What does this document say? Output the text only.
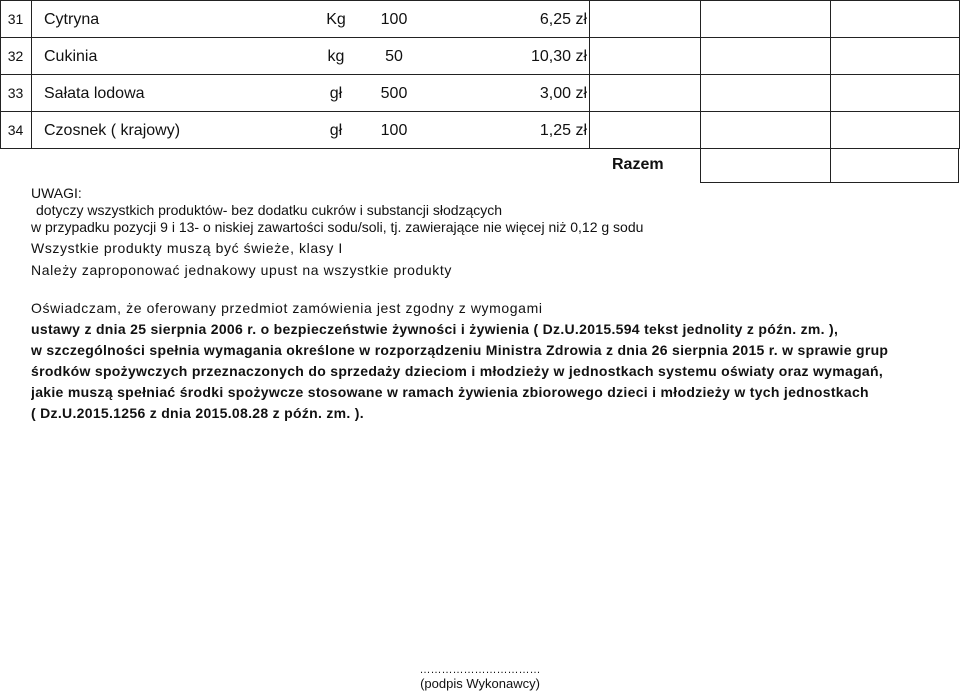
31	Cytryna	Kg	100	6,25 zł
32	Cukinia	kg	50	10,30 zł
33	Sałata lodowa	gł	500	3,00 zł
34	Czosnek ( krajowy)	gł	100	1,25 zł
Razem
UWAGI:
dotyczy wszystkich produktów- bez dodatku cukrów i substancji słodzących
w przypadku pozycji 9 i 13- o niskiej zawartości sodu/soli, tj. zawierające nie więcej niż 0,12 g sodu
Wszystkie produkty muszą być świeże, klasy I
Należy zaproponować jednakowy upust na wszystkie produkty
Oświadczam, że oferowany przedmiot zamówienia jest zgodny z wymogami
ustawy z dnia 25 sierpnia 2006 r. o bezpieczeństwie żywności i żywienia ( Dz.U.2015.594 tekst jednolity z późn. zm. ),
w szczególności spełnia wymagania określone w rozporządzeniu Ministra Zdrowia z dnia 26 sierpnia 2015 r. w sprawie grup
środków spożywczych przeznaczonych do sprzedaży dzieciom i młodzieży w jednostkach systemu oświaty oraz wymagań,
jakie muszą spełniać środki spożywcze stosowane w ramach żywienia zbiorowego dzieci i młodzieży w tych jednostkach
( Dz.U.2015.1256 z dnia 2015.08.28 z późn. zm. ).
……………………………
(podpis Wykonawcy)
